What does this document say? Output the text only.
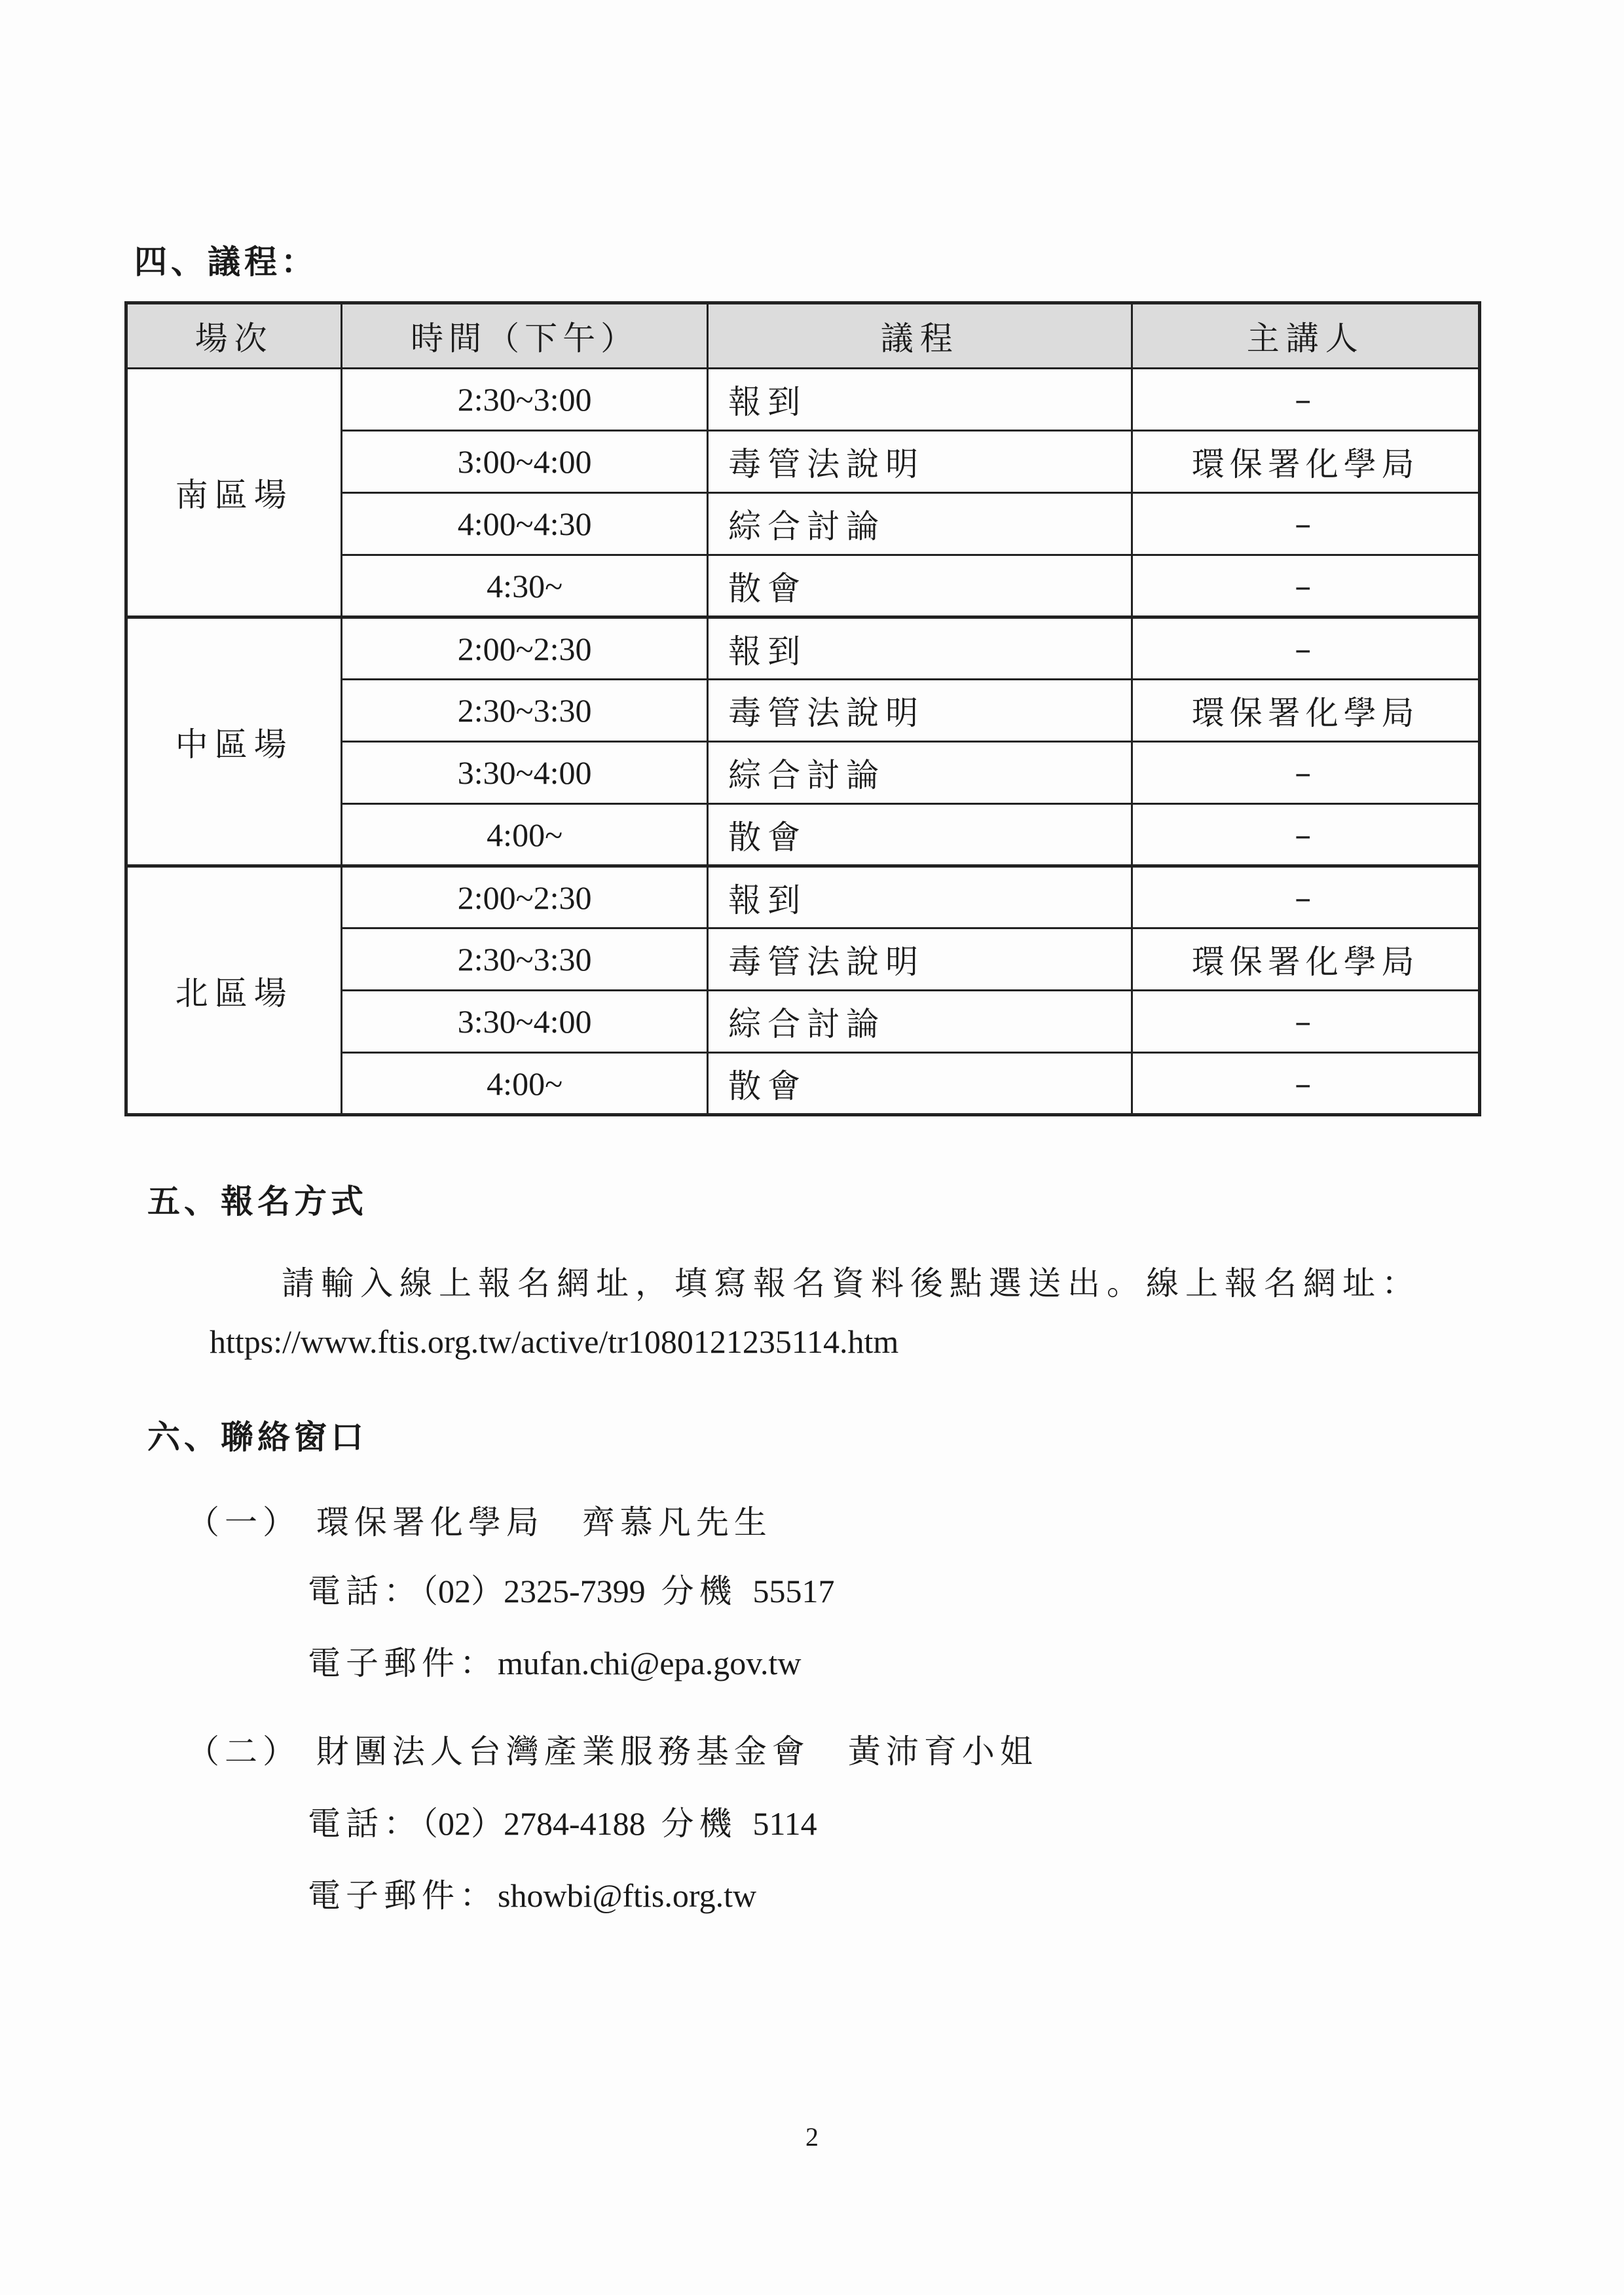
四、議程：
場次	時間（下午）	議程	主講人
南區場	2:30~3:00	報到	–
	3:00~4:00	毒管法說明	環保署化學局
	4:00~4:30	綜合討論	–
	4:30~	散會	–
中區場	2:00~2:30	報到	–
	2:30~3:30	毒管法說明	環保署化學局
	3:30~4:00	綜合討論	–
	4:00~	散會	–
北區場	2:00~2:30	報到	–
	2:30~3:30	毒管法說明	環保署化學局
	3:30~4:00	綜合討論	–
	4:00~	散會	–
五、報名方式
請輸入線上報名網址，填寫報名資料後點選送出。線上報名網址：
https://www.ftis.org.tw/active/tr1080121235114.htm
六、聯絡窗口
（一） 環保署化學局　齊慕凡先生
電話：（02）2325-7399 分機 55517
電子郵件：mufan.chi@epa.gov.tw
（二） 財團法人台灣產業服務基金會　黃沛育小姐
電話：（02）2784-4188 分機 5114
電子郵件：showbi@ftis.org.tw
2
